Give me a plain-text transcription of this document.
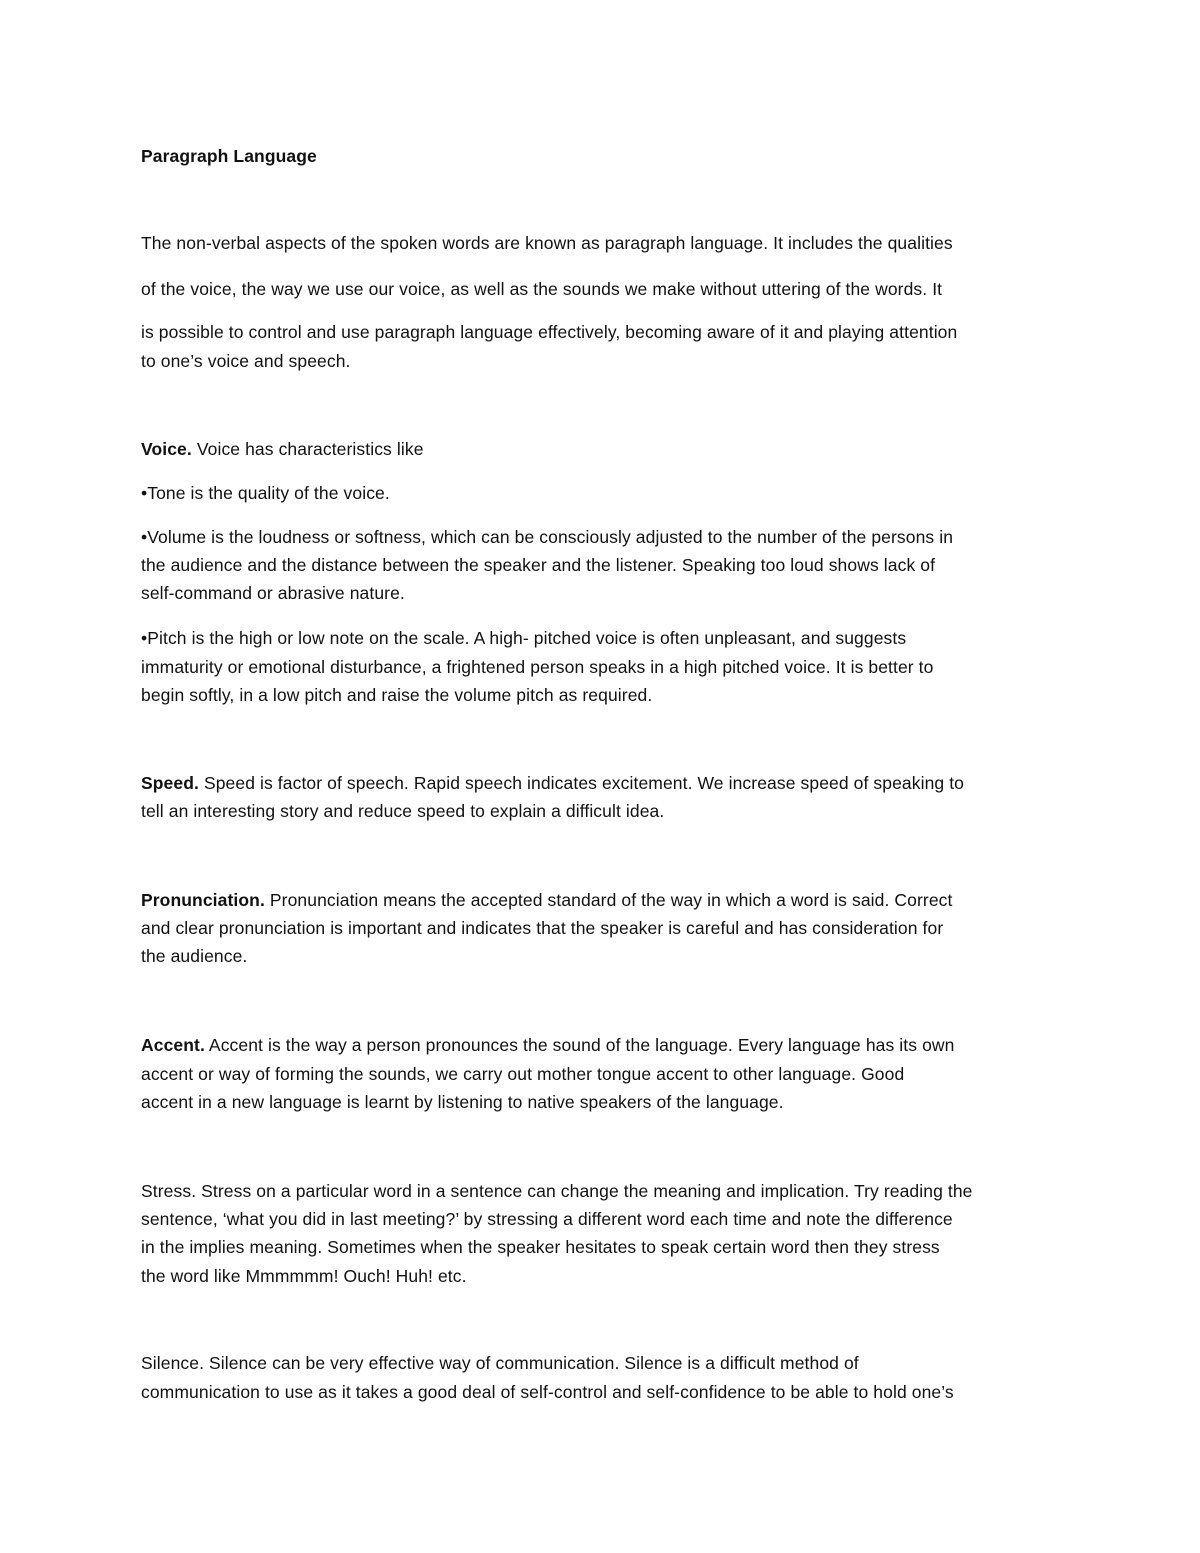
Paragraph Language
The non-verbal aspects of the spoken words are known as paragraph language. It includes the qualities
of the voice, the way we use our voice, as well as the sounds we make without uttering of the words. It
is possible to control and use paragraph language effectively, becoming aware of it and playing attention
to one’s voice and speech.
Voice. Voice has characteristics like
•Tone is the quality of the voice.
•Volume is the loudness or softness, which can be consciously adjusted to the number of the persons in
the audience and the distance between the speaker and the listener. Speaking too loud shows lack of
self-command or abrasive nature.
•Pitch is the high or low note on the scale. A high- pitched voice is often unpleasant, and suggests
immaturity or emotional disturbance, a frightened person speaks in a high pitched voice. It is better to
begin softly, in a low pitch and raise the volume pitch as required.
Speed. Speed is factor of speech. Rapid speech indicates excitement. We increase speed of speaking to
tell an interesting story and reduce speed to explain a difficult idea.
Pronunciation. Pronunciation means the accepted standard of the way in which a word is said. Correct
and clear pronunciation is important and indicates that the speaker is careful and has consideration for
the audience.
Accent. Accent is the way a person pronounces the sound of the language. Every language has its own
accent or way of forming the sounds, we carry out mother tongue accent to other language. Good
accent in a new language is learnt by listening to native speakers of the language.
Stress. Stress on a particular word in a sentence can change the meaning and implication. Try reading the
sentence, ‘what you did in last meeting?’ by stressing a different word each time and note the difference
in the implies meaning. Sometimes when the speaker hesitates to speak certain word then they stress
the word like Mmmmmm! Ouch! Huh! etc.
Silence. Silence can be very effective way of communication. Silence is a difficult method of
communication to use as it takes a good deal of self-control and self-confidence to be able to hold one’s
